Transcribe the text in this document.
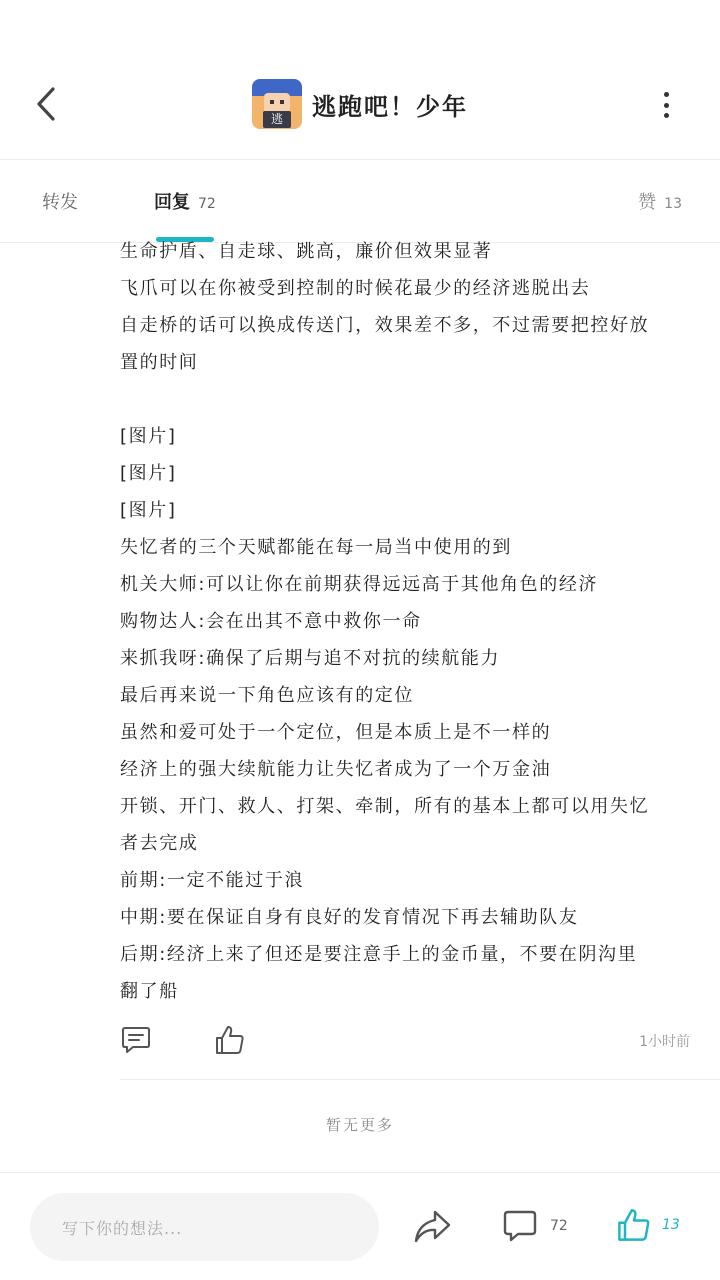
逃	逃跑吧！少年
转发	回复 72	赞 13
生命护盾、自走球、跳高，廉价但效果显著
飞爪可以在你被受到控制的时候花最少的经济逃脱出去
自走桥的话可以换成传送门，效果差不多，不过需要把控好放
置的时间
[图片]
[图片]
[图片]
失忆者的三个天赋都能在每一局当中使用的到
机关大师:可以让你在前期获得远远高于其他角色的经济
购物达人:会在出其不意中救你一命
来抓我呀:确保了后期与追不对抗的续航能力
最后再来说一下角色应该有的定位
虽然和爱可处于一个定位，但是本质上是不一样的
经济上的强大续航能力让失忆者成为了一个万金油
开锁、开门、救人、打架、牵制，所有的基本上都可以用失忆
者去完成
前期:一定不能过于浪
中期:要在保证自身有良好的发育情况下再去辅助队友
后期:经济上来了但还是要注意手上的金币量，不要在阴沟里
翻了船
1小时前
暂无更多
写下你的想法...	72	13
